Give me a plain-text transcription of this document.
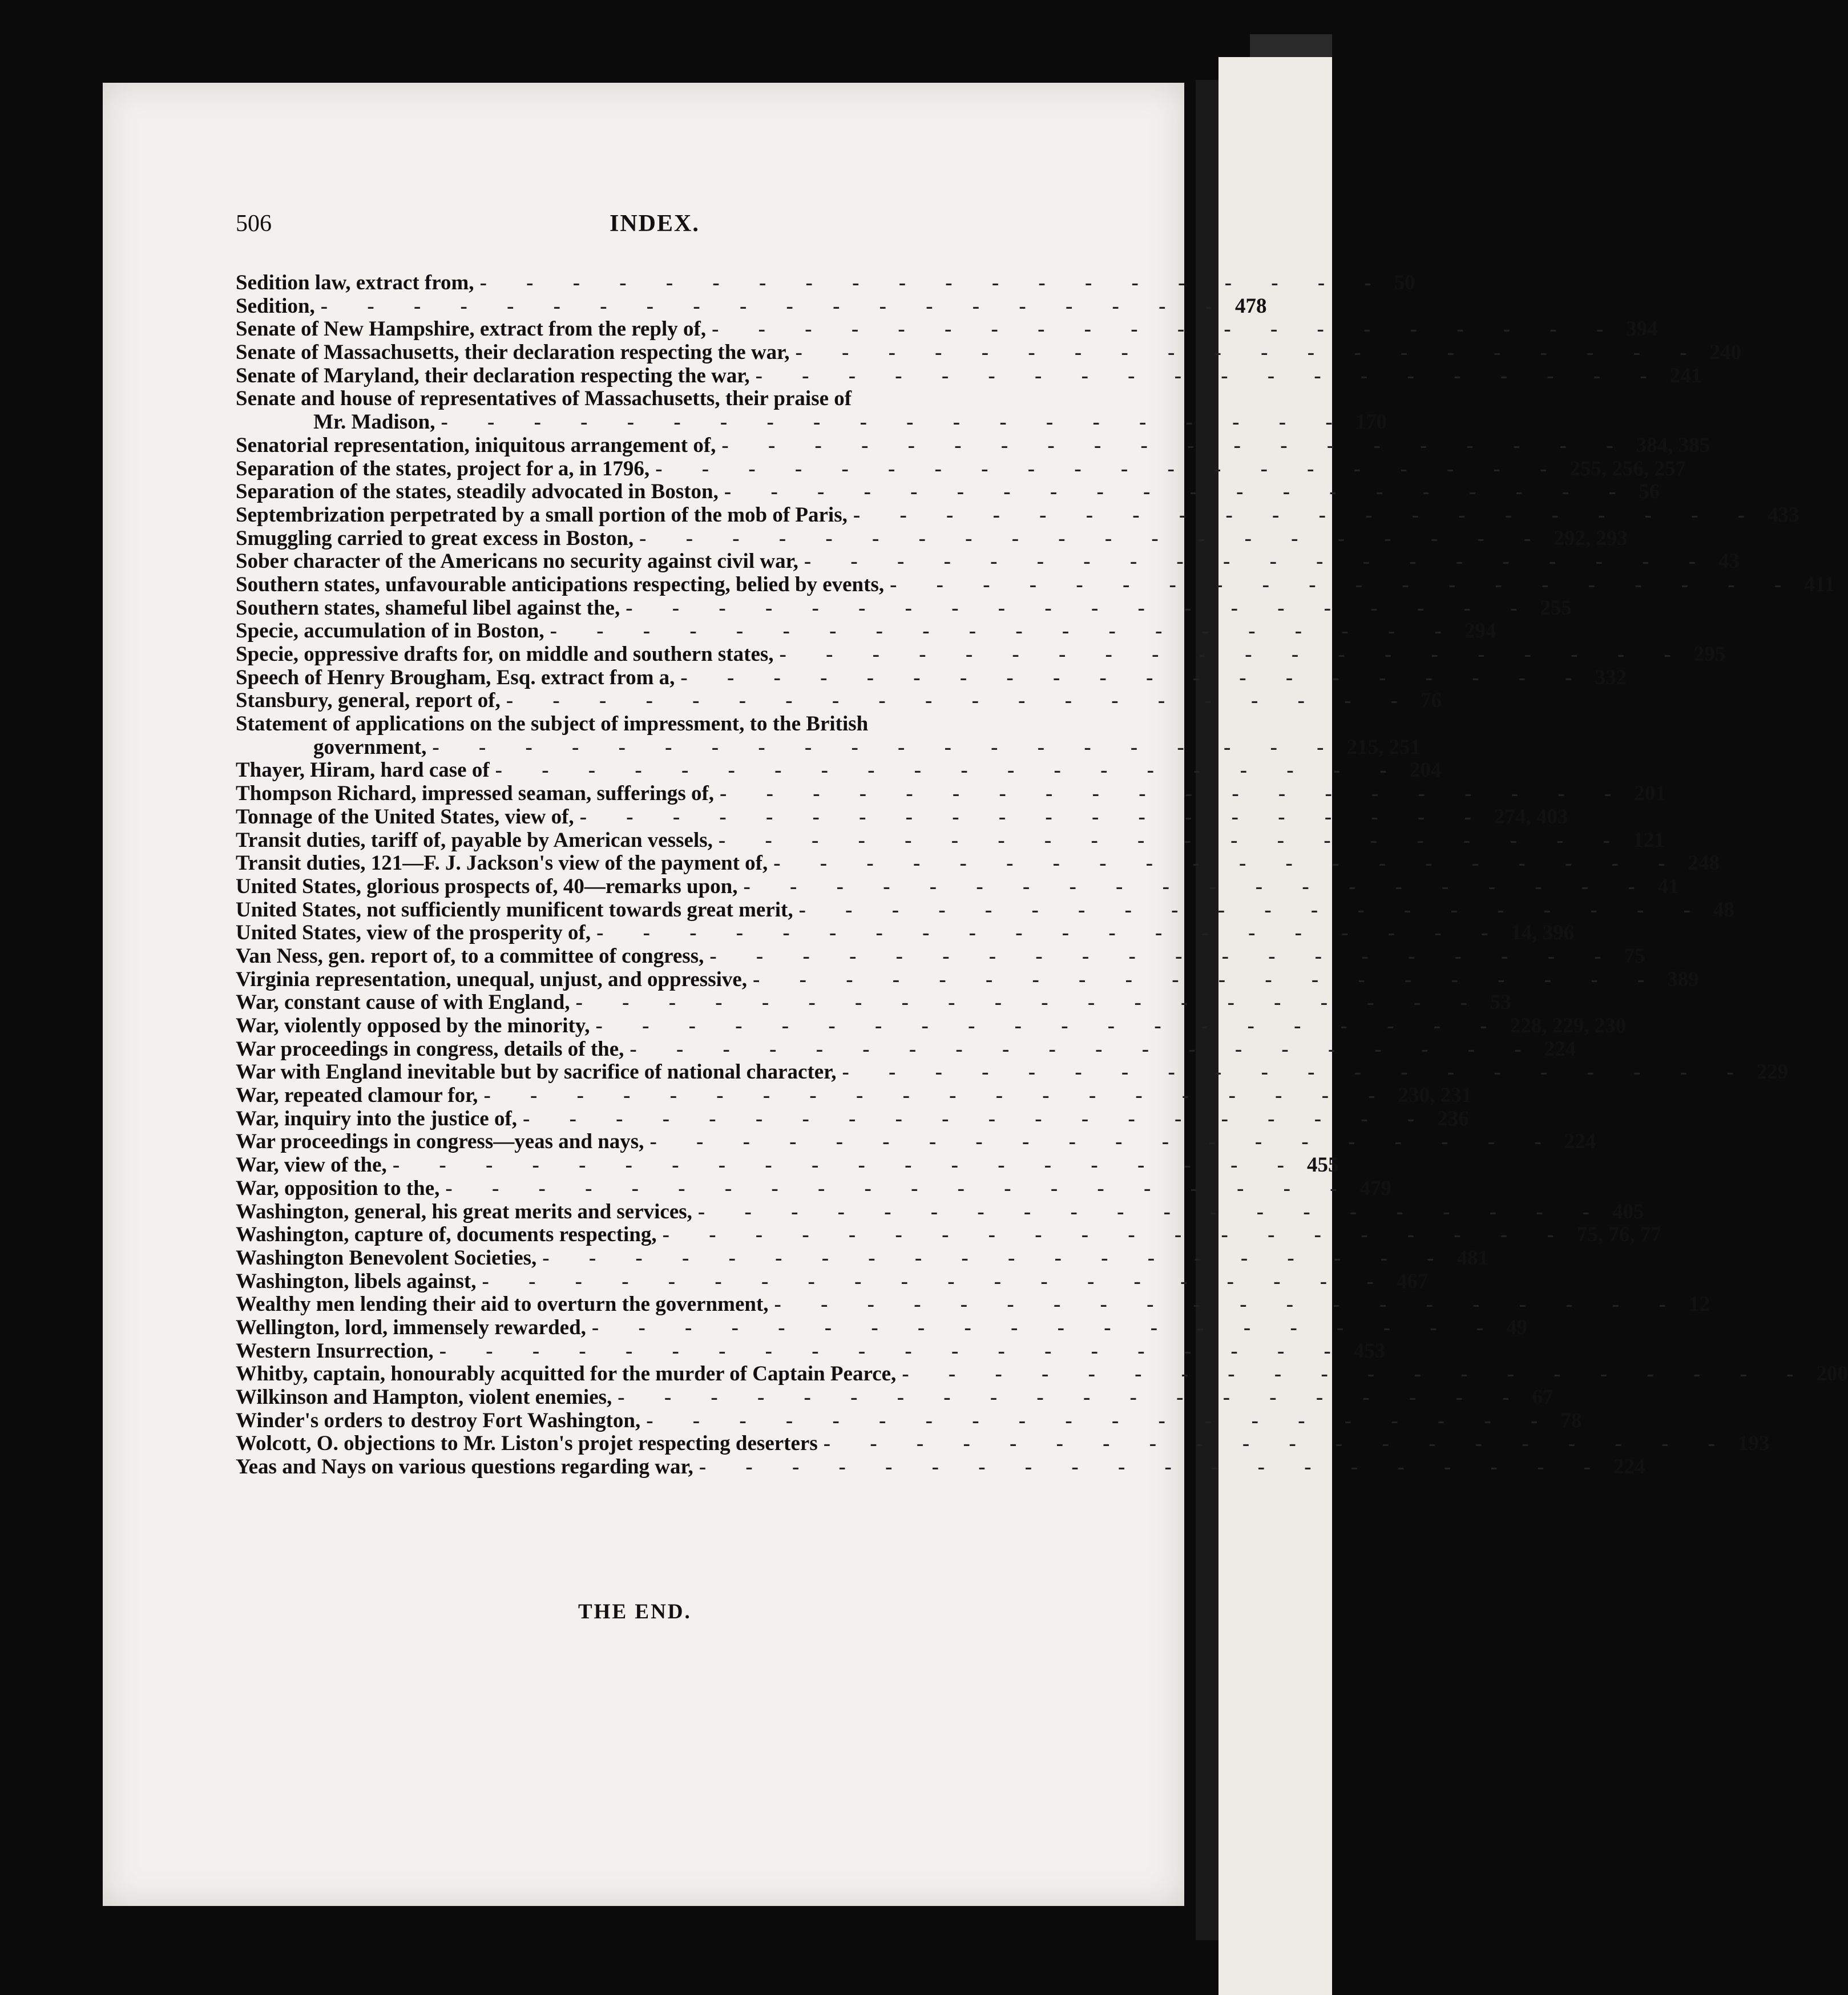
506	INDEX.
Sedition law, extract from, - - - - - - - - - - - - - - - - - - - - 50
Sedition, - - - - - - - - - - - - - - - - - - - - 478
Senate of New Hampshire, extract from the reply of, - - - - - - - - - - - - - - - - - - - - 394
Senate of Massachusetts, their declaration respecting the war, - - - - - - - - - - - - - - - - - - - - 240
Senate of Maryland, their declaration respecting the war, - - - - - - - - - - - - - - - - - - - - 241
Senate and house of representatives of Massachusetts, their praise of
Mr. Madison, - - - - - - - - - - - - - - - - - - - - 170
Senatorial representation, iniquitous arrangement of, - - - - - - - - - - - - - - - - - - - - 384, 385
Separation of the states, project for a, in 1796, - - - - - - - - - - - - - - - - - - - - 255, 256, 257
Separation of the states, steadily advocated in Boston, - - - - - - - - - - - - - - - - - - - - 56
Septembrization perpetrated by a small portion of the mob of Paris, - - - - - - - - - - - - - - - - - - - - 433
Smuggling carried to great excess in Boston, - - - - - - - - - - - - - - - - - - - - 292, 293
Sober character of the Americans no security against civil war, - - - - - - - - - - - - - - - - - - - - 43
Southern states, unfavourable anticipations respecting, belied by events, - - - - - - - - - - - - - - - - - - - - 411
Southern states, shameful libel against the, - - - - - - - - - - - - - - - - - - - - 255
Specie, accumulation of in Boston, - - - - - - - - - - - - - - - - - - - - 294
Specie, oppressive drafts for, on middle and southern states, - - - - - - - - - - - - - - - - - - - - 295
Speech of Henry Brougham, Esq. extract from a, - - - - - - - - - - - - - - - - - - - - 332
Stansbury, general, report of, - - - - - - - - - - - - - - - - - - - - 76
Statement of applications on the subject of impressment, to the British
government, - - - - - - - - - - - - - - - - - - - - 215, 251
Thayer, Hiram, hard case of - - - - - - - - - - - - - - - - - - - - 204
Thompson Richard, impressed seaman, sufferings of, - - - - - - - - - - - - - - - - - - - - 201
Tonnage of the United States, view of, - - - - - - - - - - - - - - - - - - - - 274, 403
Transit duties, tariff of, payable by American vessels, - - - - - - - - - - - - - - - - - - - - 121
Transit duties, 121—F. J. Jackson's view of the payment of, - - - - - - - - - - - - - - - - - - - - 248
United States, glorious prospects of, 40—remarks upon, - - - - - - - - - - - - - - - - - - - - 41
United States, not sufficiently munificent towards great merit, - - - - - - - - - - - - - - - - - - - - 48
United States, view of the prosperity of, - - - - - - - - - - - - - - - - - - - - 14, 396
Van Ness, gen. report of, to a committee of congress, - - - - - - - - - - - - - - - - - - - - 75
Virginia representation, unequal, unjust, and oppressive, - - - - - - - - - - - - - - - - - - - - 389
War, constant cause of with England, - - - - - - - - - - - - - - - - - - - - 53
War, violently opposed by the minority, - - - - - - - - - - - - - - - - - - - - 228, 229, 230
War proceedings in congress, details of the, - - - - - - - - - - - - - - - - - - - - 224
War with England inevitable but by sacrifice of national character, - - - - - - - - - - - - - - - - - - - - 229
War, repeated clamour for, - - - - - - - - - - - - - - - - - - - - 230, 231
War, inquiry into the justice of, - - - - - - - - - - - - - - - - - - - - 236
War proceedings in congress—yeas and nays, - - - - - - - - - - - - - - - - - - - - 224
War, view of the, - - - - - - - - - - - - - - - - - - - - 455
War, opposition to the, - - - - - - - - - - - - - - - - - - - - 479
Washington, general, his great merits and services, - - - - - - - - - - - - - - - - - - - - 405
Washington, capture of, documents respecting, - - - - - - - - - - - - - - - - - - - - 75, 76, 77
Washington Benevolent Societies, - - - - - - - - - - - - - - - - - - - - 481
Washington, libels against, - - - - - - - - - - - - - - - - - - - - 467
Wealthy men lending their aid to overturn the government, - - - - - - - - - - - - - - - - - - - - 12
Wellington, lord, immensely rewarded, - - - - - - - - - - - - - - - - - - - - 49
Western Insurrection, - - - - - - - - - - - - - - - - - - - - 453
Whitby, captain, honourably acquitted for the murder of Captain Pearce, - - - - - - - - - - - - - - - - - - - - 200
Wilkinson and Hampton, violent enemies, - - - - - - - - - - - - - - - - - - - - 67
Winder's orders to destroy Fort Washington, - - - - - - - - - - - - - - - - - - - - 78
Wolcott, O. objections to Mr. Liston's projet respecting deserters - - - - - - - - - - - - - - - - - - - - 193
Yeas and Nays on various questions regarding war, - - - - - - - - - - - - - - - - - - - - 224
THE END.
